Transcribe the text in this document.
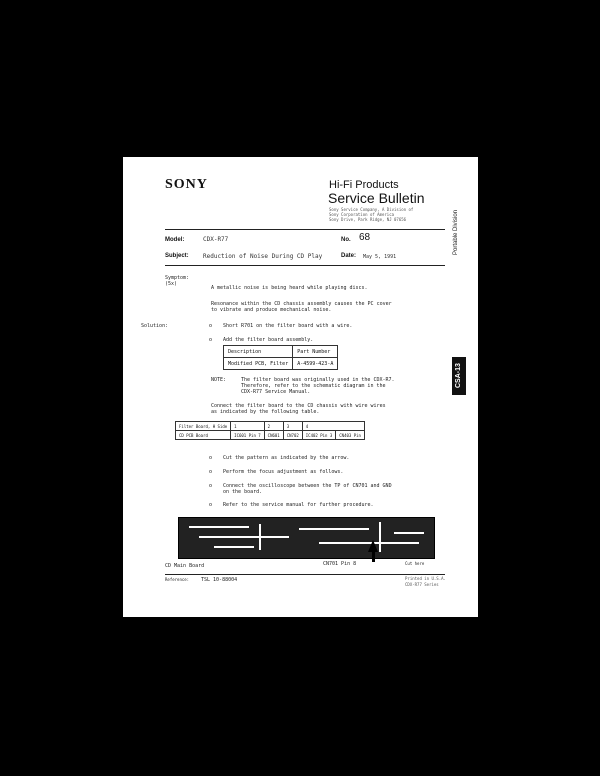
SONY	Hi-Fi Products
Service Bulletin
Sony Service Company, A Division of
Sony Corporation of America
Sony Drive, Park Ridge, NJ 07656
Model:	CDX-R77	No. 68
Subject: Reduction of Noise During CD Play	Date: May 5, 1991
Portable Division
CSA-13
Symptom:
(5x)
A metallic noise is being heard while playing discs.
Resonance within the CD chassis assembly causes the PC cover
to vibrate and produce mechanical noise.
Solution:	o Short R701 on the filter board with a wire.
o Add the filter board assembly.
Description	Part Number
Modified PCB, Filter	A-4599-423-A
NOTE:	The filter board was originally used in the CDX-R7.
Therefore, refer to the schematic diagram in the
CDX-R77 Service Manual.
Connect the filter board to the CD chassis with wire wires
as indicated by the following table.
Filter Board, H Side	1	2	3	4	
CD PCB Board	IC601 Pin 7	CN601	CN702	IC402 Pin 3	CN403 Pin
o Cut the pattern as indicated by the arrow.
o Perform the focus adjustment as follows.
o Connect the oscilloscope between the TP of CN701 and GND
on the board.
o Refer to the service manual for further procedure.
CD Main Board	CN701 Pin 8	Cut here
Reference: TSL 10-88004	Printed in U.S.A.
CDX-R77 Series
